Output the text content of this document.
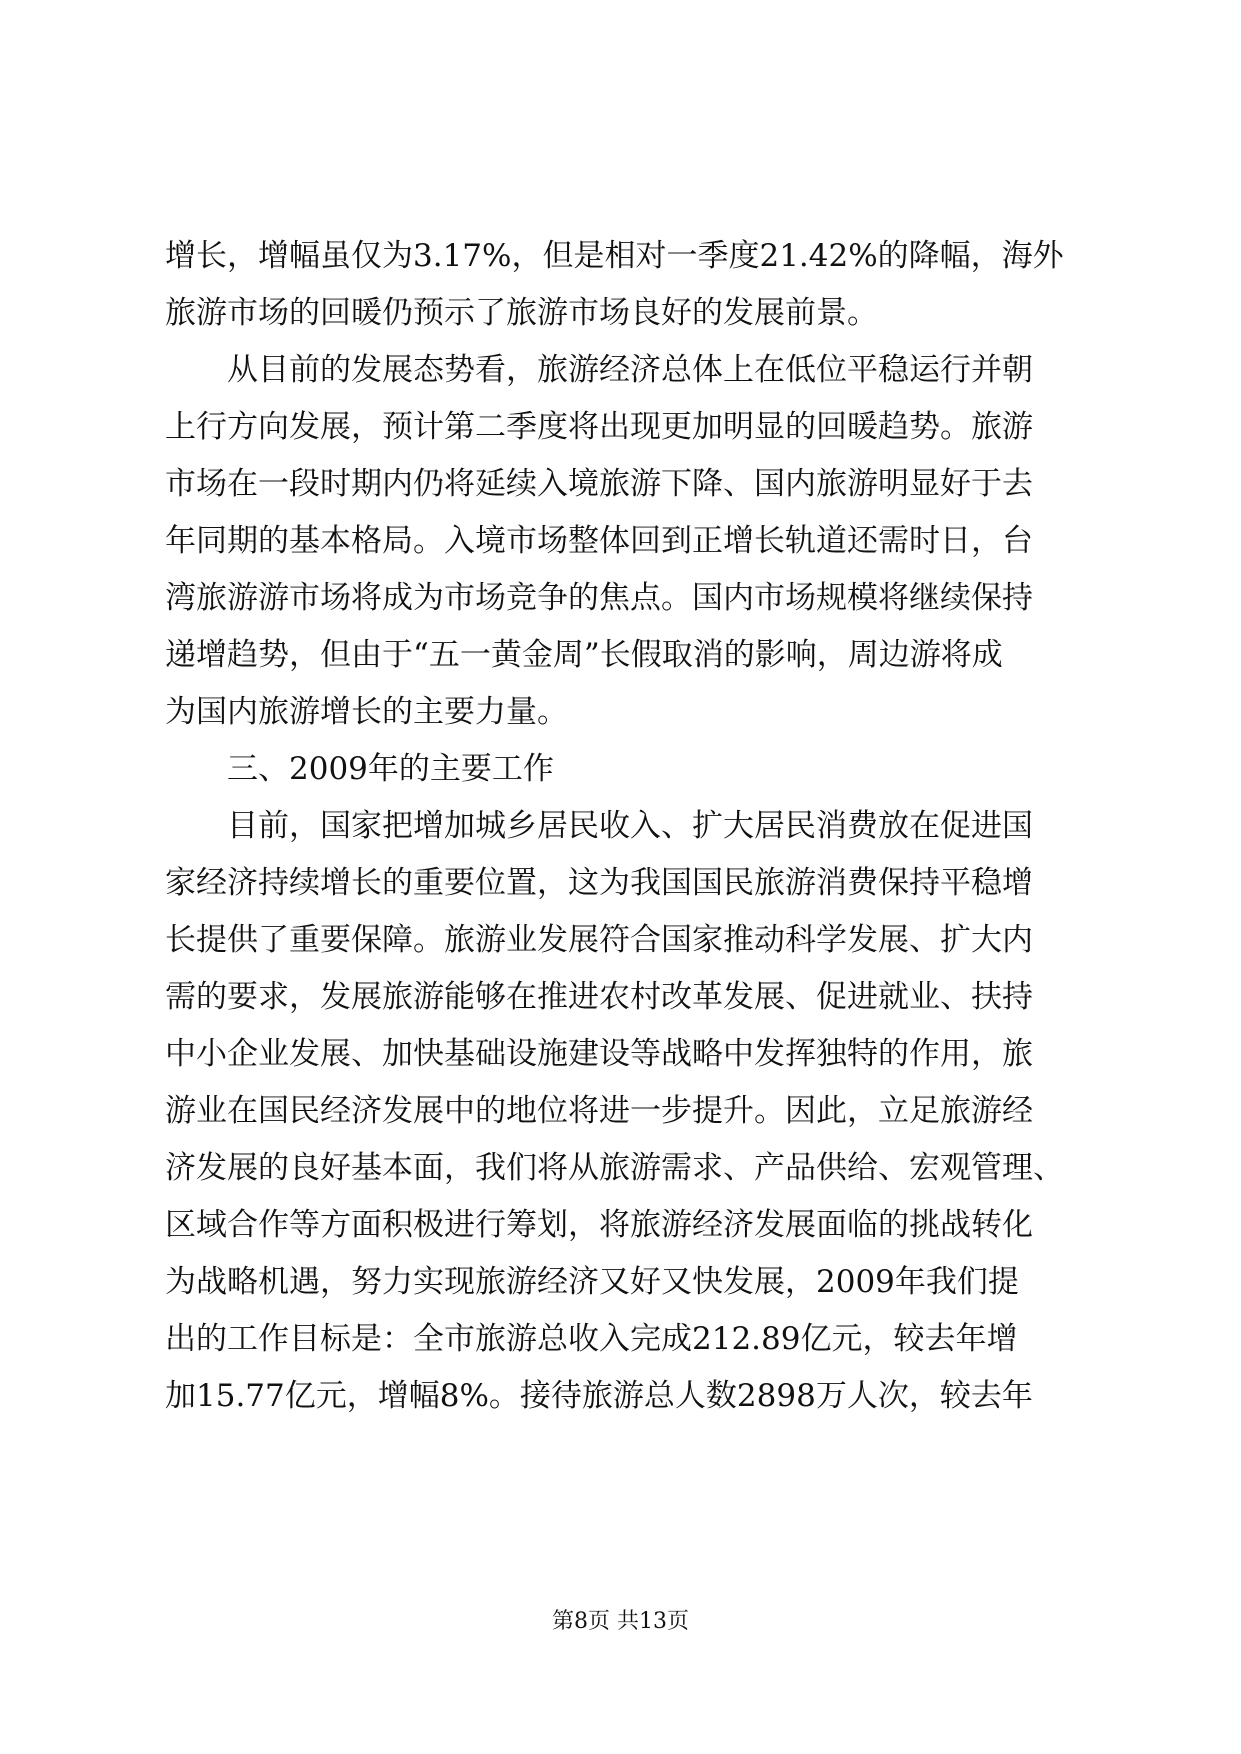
增长，增幅虽仅为3.17%，但是相对一季度21.42%的降幅，海外
旅游市场的回暖仍预示了旅游市场良好的发展前景。
　　从目前的发展态势看，旅游经济总体上在低位平稳运行并朝
上行方向发展，预计第二季度将出现更加明显的回暖趋势。旅游
市场在一段时期内仍将延续入境旅游下降、国内旅游明显好于去
年同期的基本格局。入境市场整体回到正增长轨道还需时日，台
湾旅游游市场将成为市场竞争的焦点。国内市场规模将继续保持
递增趋势，但由于“五一黄金周”长假取消的影响，周边游将成
为国内旅游增长的主要力量。
　　三、2009年的主要工作
　　目前，国家把增加城乡居民收入、扩大居民消费放在促进国
家经济持续增长的重要位置，这为我国国民旅游消费保持平稳增
长提供了重要保障。旅游业发展符合国家推动科学发展、扩大内
需的要求，发展旅游能够在推进农村改革发展、促进就业、扶持
中小企业发展、加快基础设施建设等战略中发挥独特的作用，旅
游业在国民经济发展中的地位将进一步提升。因此，立足旅游经
济发展的良好基本面，我们将从旅游需求、产品供给、宏观管理、
区域合作等方面积极进行筹划，将旅游经济发展面临的挑战转化
为战略机遇，努力实现旅游经济又好又快发展，2009年我们提
出的工作目标是：全市旅游总收入完成212.89亿元，较去年增
加15.77亿元，增幅8%。接待旅游总人数2898万人次，较去年
第8页 共13页
